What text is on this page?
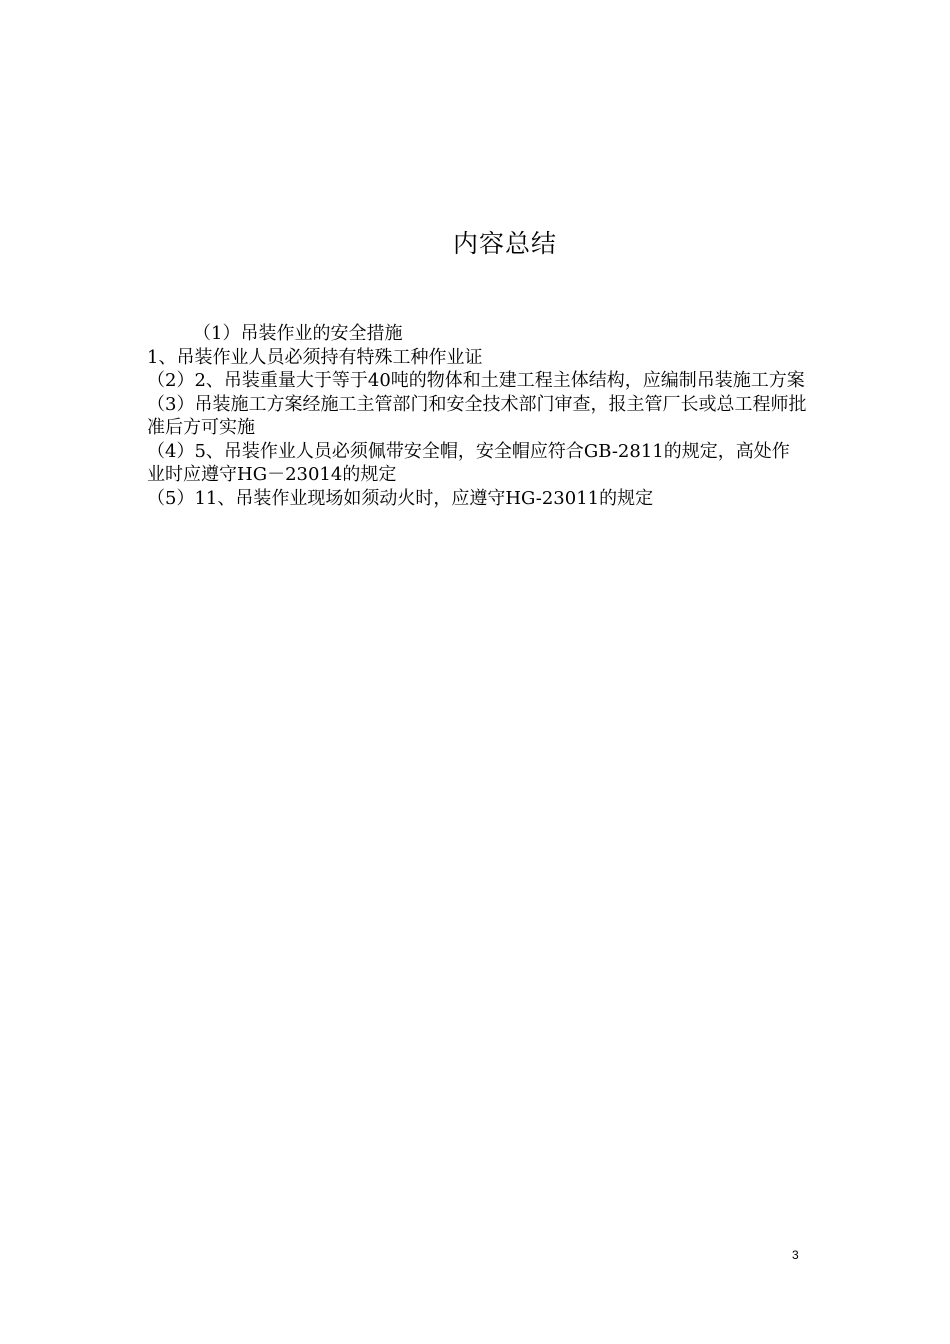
内容总结

（1）吊装作业的安全措施

1、吊装作业人员必须持有特殊工种作业证

（2）2、吊装重量大于等于40吨的物体和土建工程主体结构，应编制吊装施工方案

（3）吊装施工方案经施工主管部门和安全技术部门审查，报主管厂长或总工程师批准后方可实施

（4）5、吊装作业人员必须佩带安全帽，安全帽应符合GB-2811的规定，高处作业时应遵守HG－23014的规定

（5）11、吊装作业现场如须动火时，应遵守HG-23011的规定

3
